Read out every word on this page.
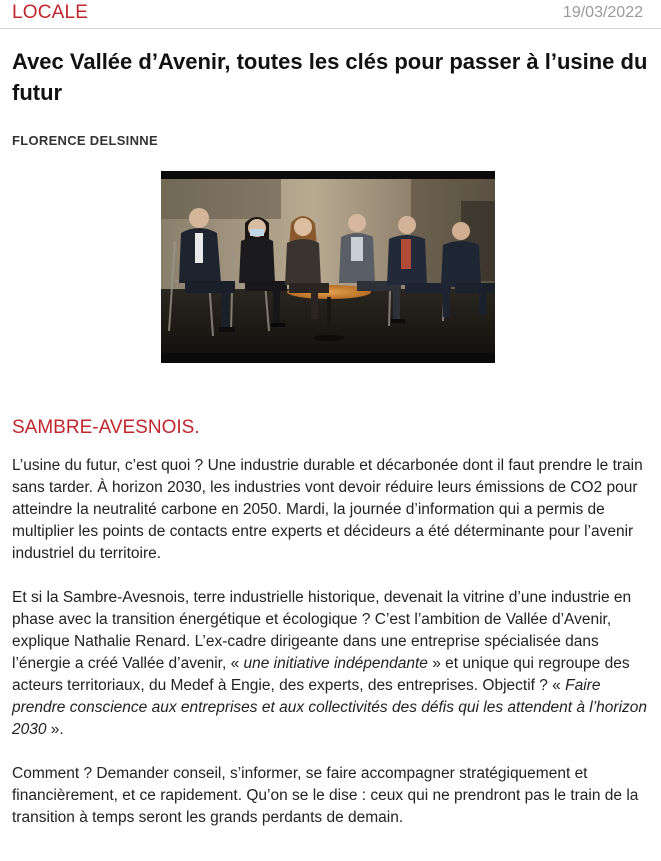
LOCALE	19/03/2022
Avec Vallée d’Avenir, toutes les clés pour passer à l’usine du futur
FLORENCE DELSINNE
SAMBRE-AVESNOIS.

L’usine du futur, c’est quoi ? Une industrie durable et décarbonée dont il faut prendre le train sans tarder. À horizon 2030, les industries vont devoir réduire leurs émissions de CO2 pour atteindre la neutralité carbone en 2050. Mardi, la journée d’information qui a permis de multiplier les points de contacts entre experts et décideurs a été déterminante pour l’avenir industriel du territoire.

Et si la Sambre-Avesnois, terre industrielle historique, devenait la vitrine d’une industrie en phase avec la transition énergétique et écologique ? C’est l’ambition de Vallée d’Avenir, explique Nathalie Renard. L’ex-cadre dirigeante dans une entreprise spécialisée dans l’énergie a créé Vallée d’avenir, « une initiative indépendante » et unique qui regroupe des acteurs territoriaux, du Medef à Engie, des experts, des entreprises. Objectif ? « Faire prendre conscience aux entreprises et aux collectivités des défis qui les attendent à l’horizon 2030 ».

Comment ? Demander conseil, s’informer, se faire accompagner stratégiquement et financièrement, et ce rapidement. Qu’on se le dise : ceux qui ne prendront pas le train de la transition à temps seront les grands perdants de demain.
